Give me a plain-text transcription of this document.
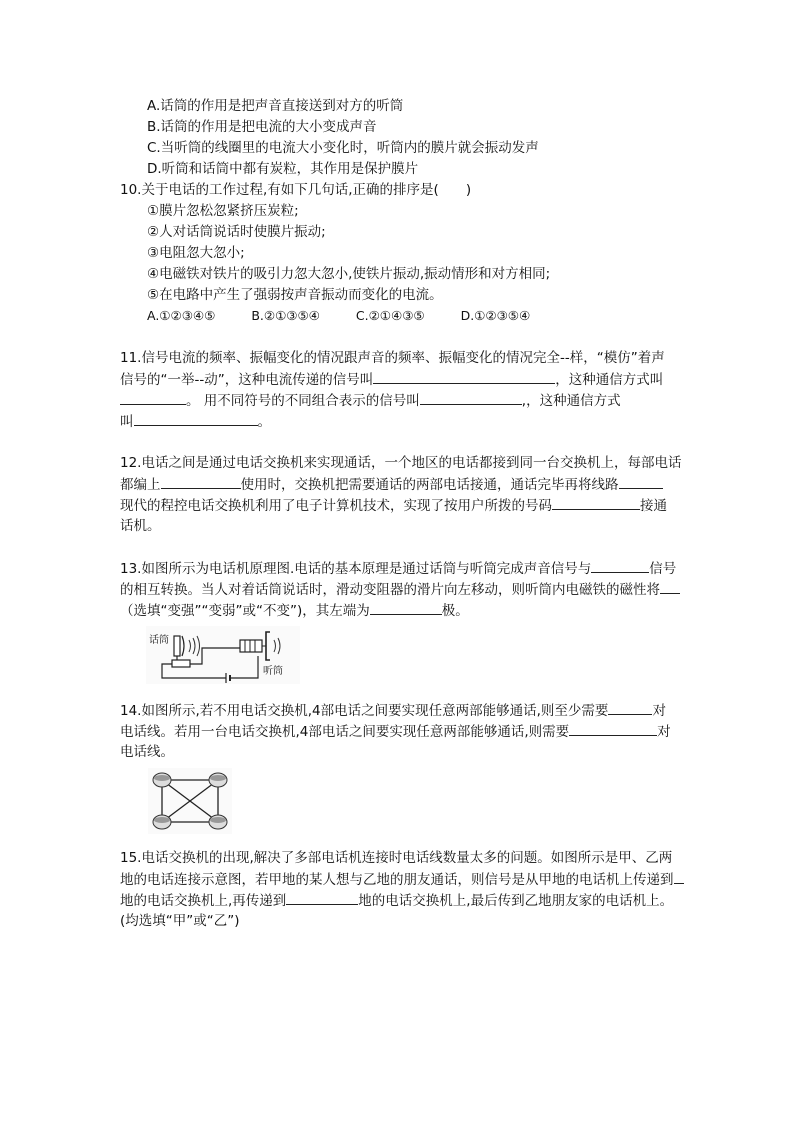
A.话筒的作用是把声音直接送到对方的听筒
B.话筒的作用是把电流的大小变成声音
C.当听筒的线圈里的电流大小变化时，听筒内的膜片就会振动发声
D.听筒和话筒中都有炭粒，其作用是保护膜片
10.关于电话的工作过程,有如下几句话,正确的排序是(　　)
①膜片忽松忽紧挤压炭粒;
②人对话筒说话时使膜片振动;
③电阻忽大忽小;
④电磁铁对铁片的吸引力忽大忽小,使铁片振动,振动情形和对方相同;
⑤在电路中产生了强弱按声音振动而变化的电流。
A.①②③④⑤	B.②①③⑤④	C.②①④③⑤	D.①②③⑤④
11.信号电流的频率、振幅变化的情况跟声音的频率、振幅变化的情况完全--样，“模仿”着声
信号的“一举--动”，这种电流传递的信号叫	，这种通信方式叫
。 用不同符号的不同组合表示的信号叫	,，这种通信方式
叫	。
12.电话之间是通过电话交换机来实现通话，一个地区的电话都接到同一台交换机上，每部电话
都编上	使用时，交换机把需要通话的两部电话接通，通话完毕再将线路
现代的程控电话交换机利用了电子计算机技术，实现了按用户所拨的号码	接通
话机。
13.如图所示为电话机原理图.电话的基本原理是通过话筒与听筒完成声音信号与	信号
的相互转换。当人对着话筒说话时，滑动变阻器的滑片向左移动，则听筒内电磁铁的磁性将
（选填“变强”“变弱”或“不变”)，其左端为	极。
话筒
听筒
14.如图所示,若不用电话交换机,4部电话之间要实现任意两部能够通话,则至少需要	对
电话线。若用一台电话交换机,4部电话之间要实现任意两部能够通话,则需要	对
电话线。
15.电话交换机的出现,解决了多部电话机连接时电话线数量太多的问题。如图所示是甲、乙两
地的电话连接示意图，若甲地的某人想与乙地的朋友通话，则信号是从甲地的电话机上传递到
地的电话交换机上,再传递到	地的电话交换机上,最后传到乙地朋友家的电话机上。
(均选填“甲”或“乙”)
